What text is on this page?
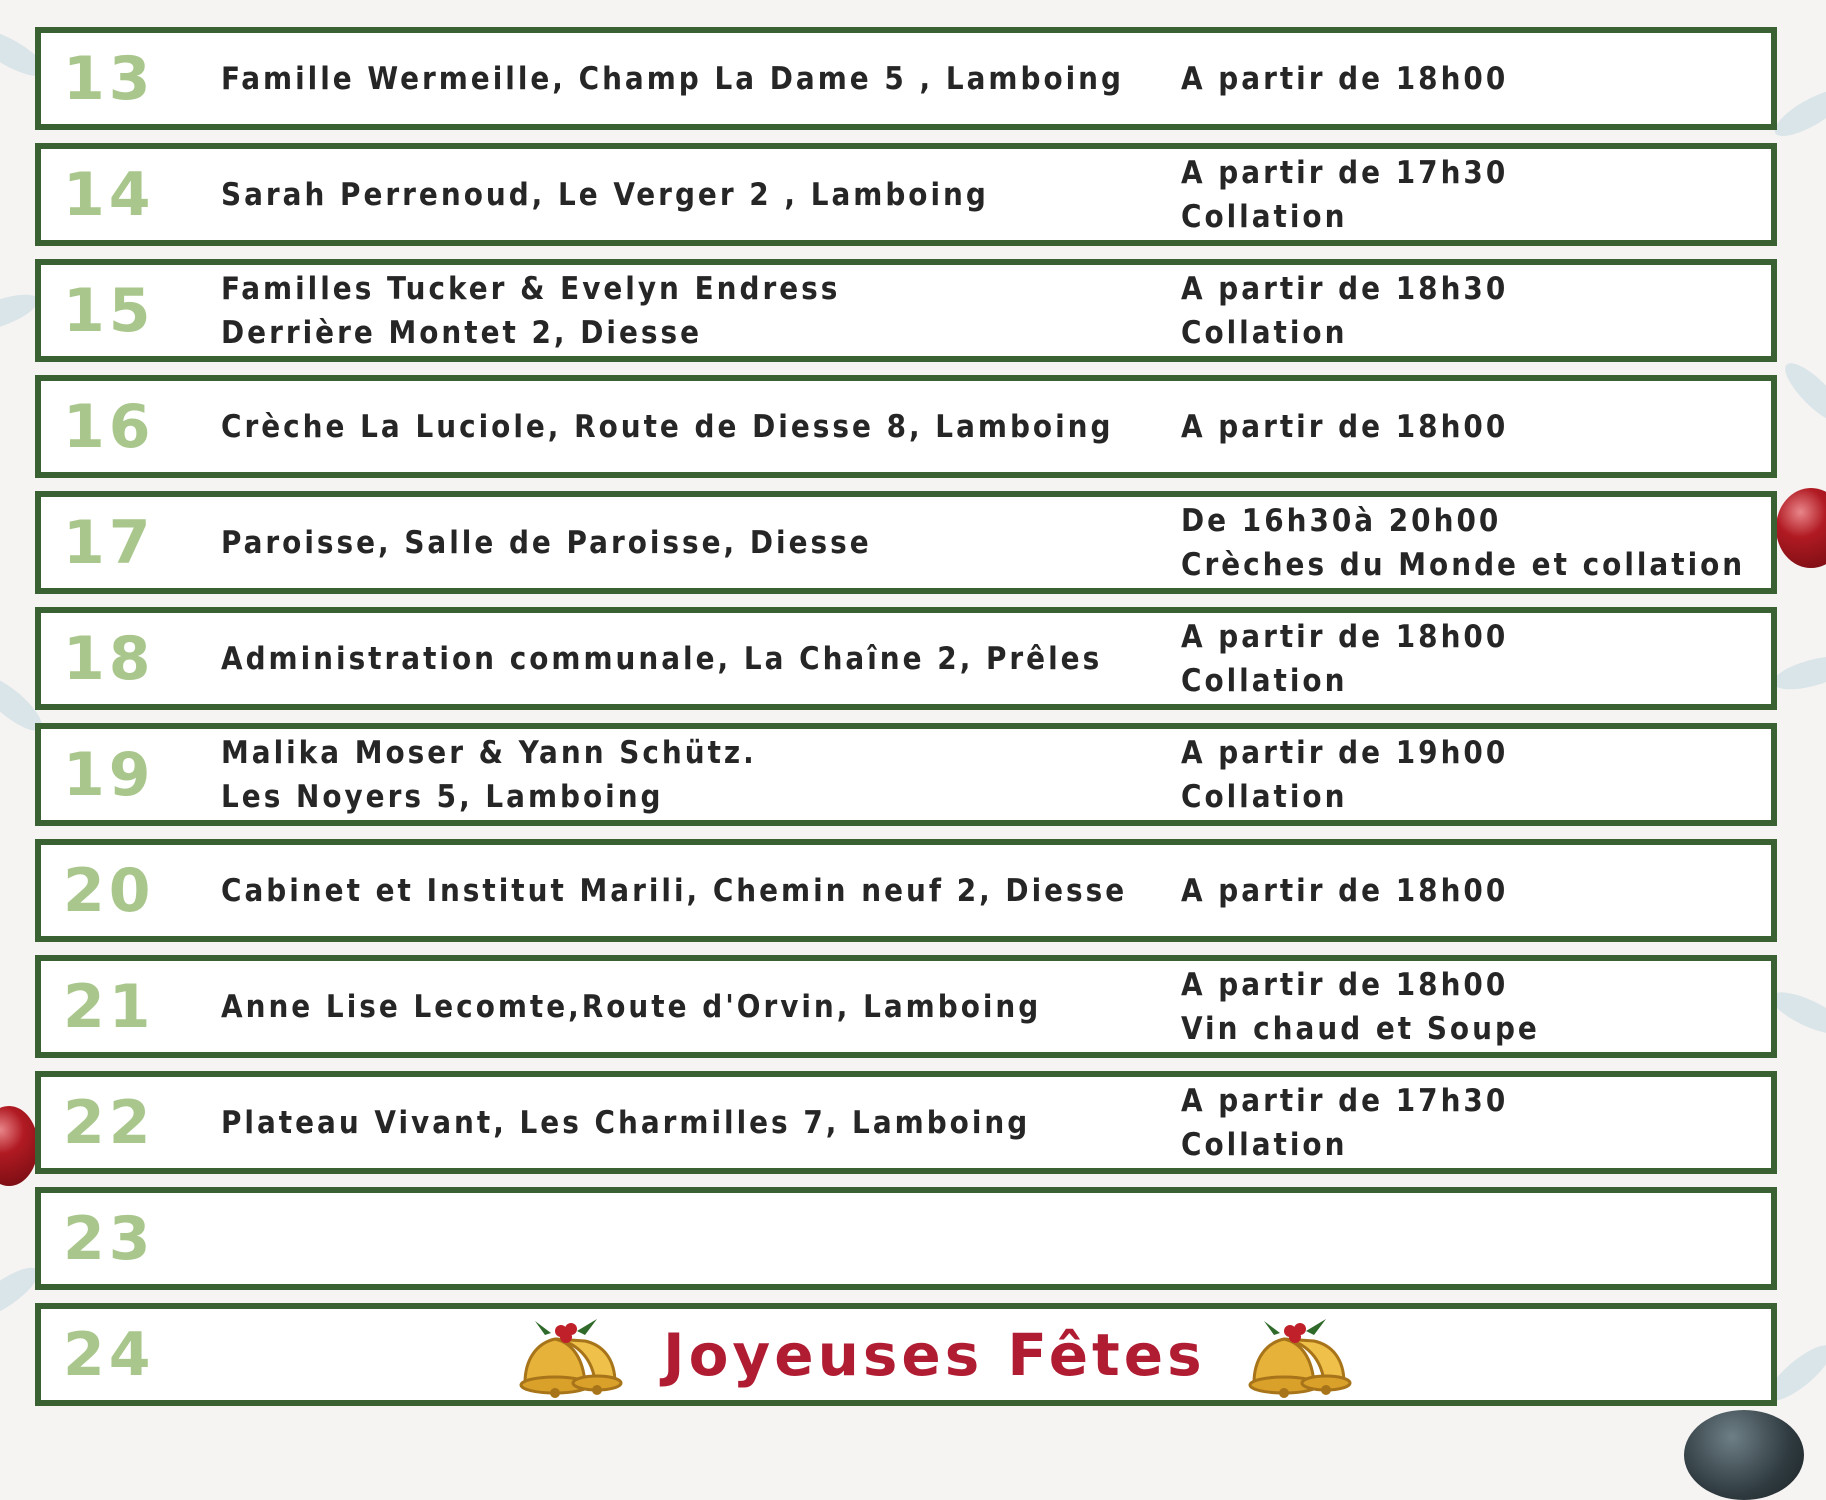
13 Famille Wermeille, Champ La Dame 5 , Lamboing A partir de 18h00
14 Sarah Perrenoud, Le Verger 2 , Lamboing
A partir de 17h30
Collation
15 Familles Tucker & Evelyn Endress
Derrière Montet 2, Diesse
A partir de 18h30
Collation
16 Crèche La Luciole, Route de Diesse 8, Lamboing A partir de 18h00
17 Paroisse, Salle de Paroisse, Diesse
De 16h30à 20h00
Crèches du Monde et collation
18 Administration communale, La Chaîne 2, Prêles
A partir de 18h00
Collation
19 Malika Moser & Yann Schütz.
Les Noyers 5, Lamboing
A partir de 19h00
Collation
20 Cabinet et Institut Marili, Chemin neuf 2, Diesse A partir de 18h00
21 Anne Lise Lecomte,Route d'Orvin, Lamboing
A partir de 18h00
Vin chaud et Soupe
22 Plateau Vivant, Les Charmilles 7, Lamboing
A partir de 17h30
Collation
23
24	Joyeuses Fêtes
